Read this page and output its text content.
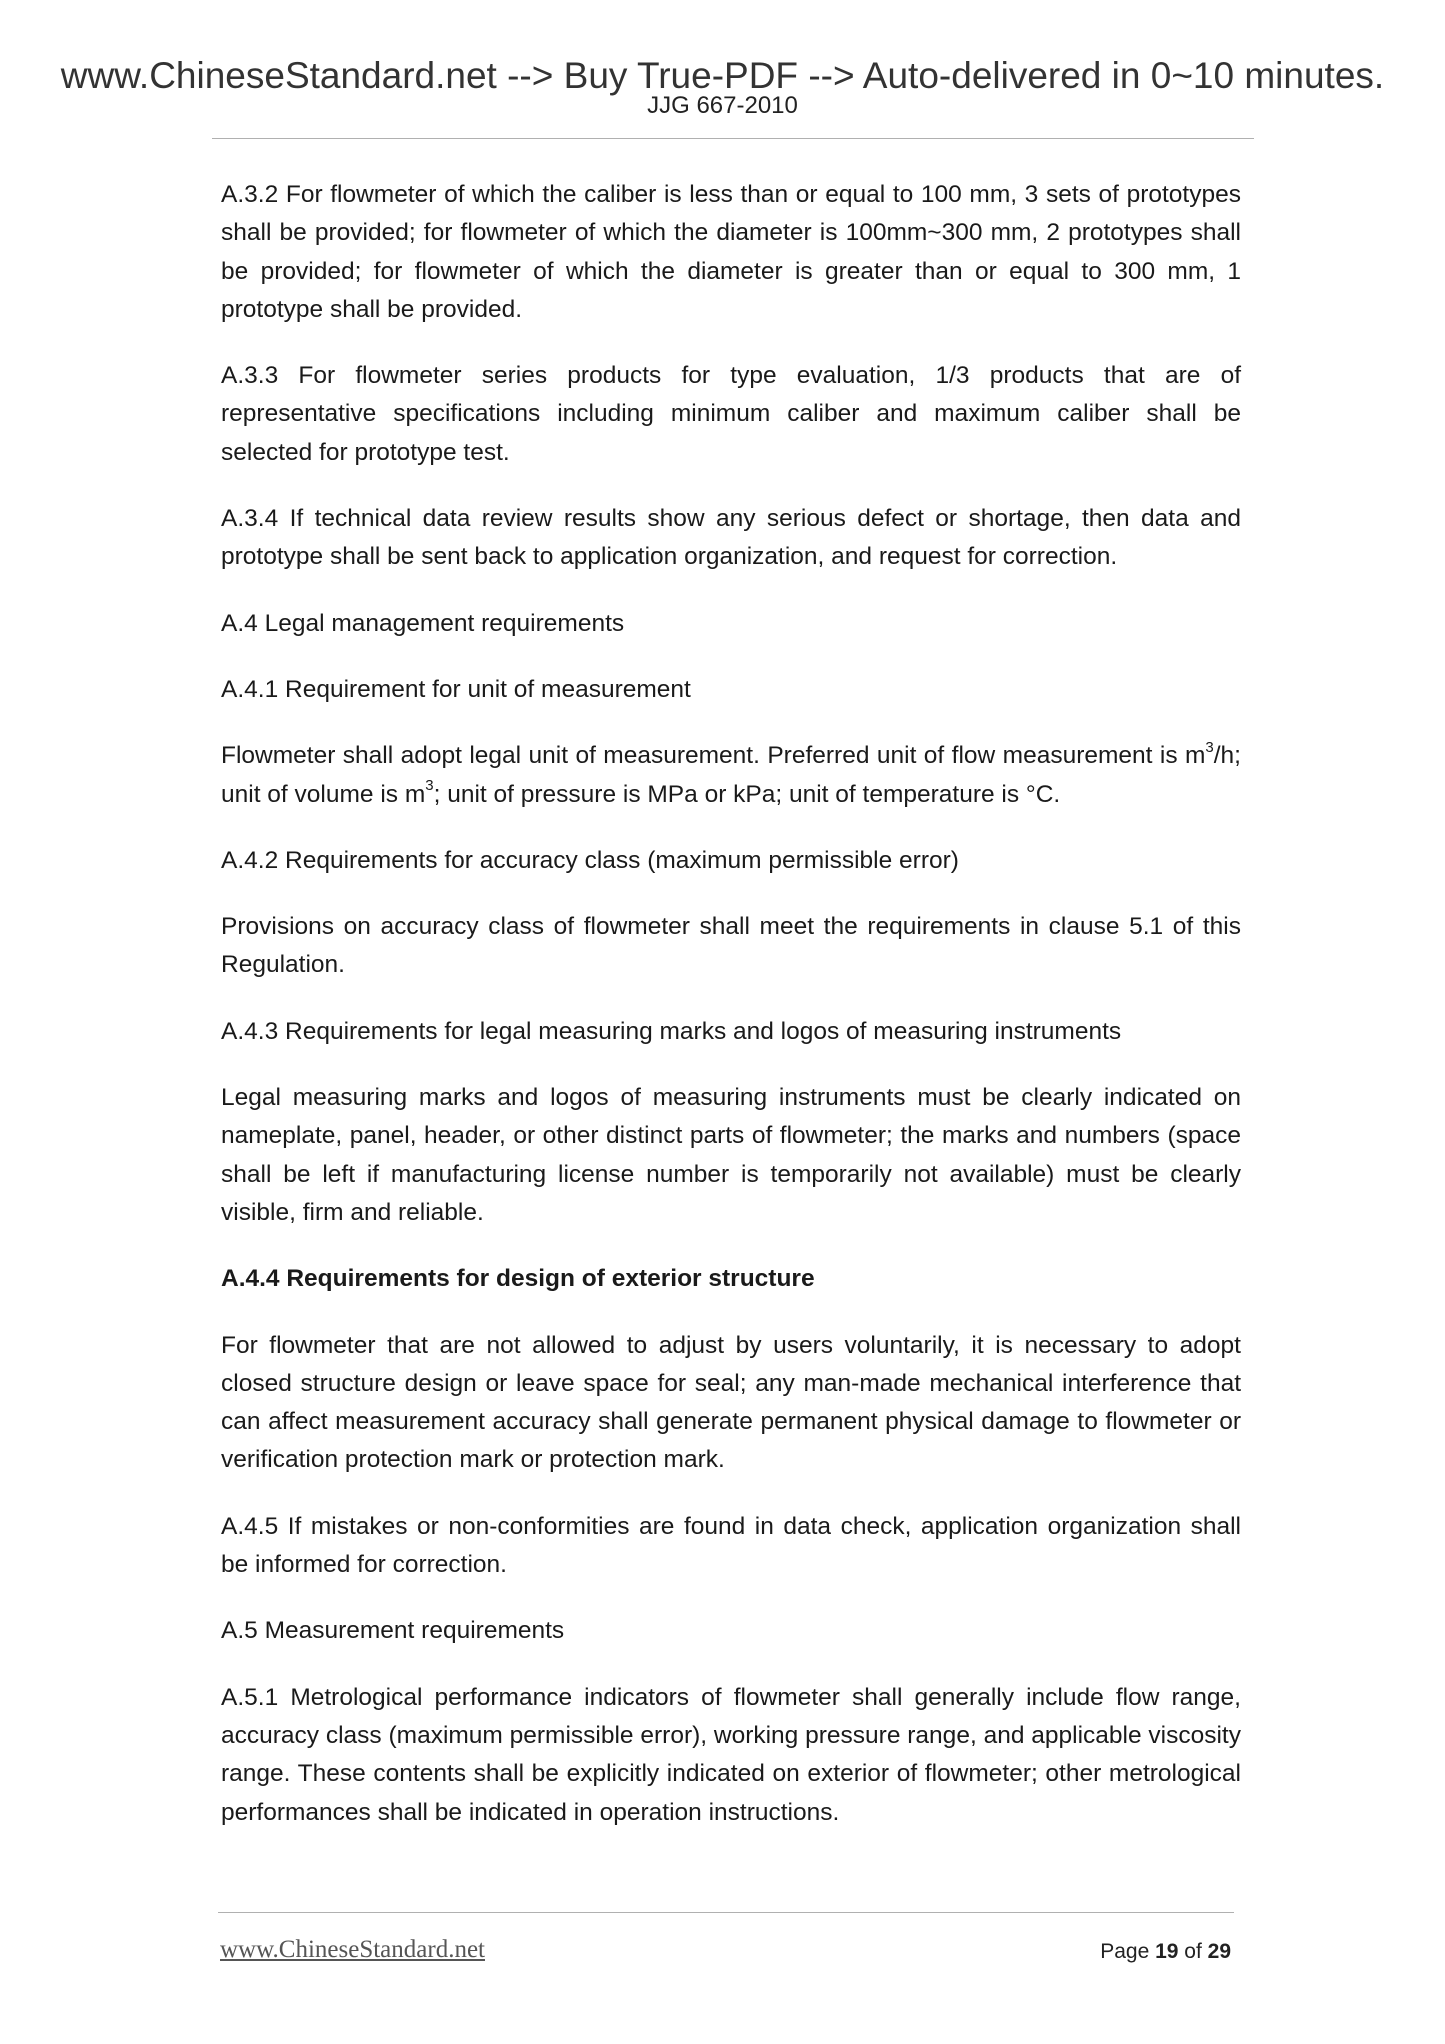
www.ChineseStandard.net --> Buy True-PDF --> Auto-delivered in 0~10 minutes.
JJG 667-2010

A.3.2 For flowmeter of which the caliber is less than or equal to 100 mm, 3 sets of prototypes shall be provided; for flowmeter of which the diameter is 100mm~300 mm, 2 prototypes shall be provided; for flowmeter of which the diameter is greater than or equal to 300 mm, 1 prototype shall be provided.

A.3.3 For flowmeter series products for type evaluation, 1/3 products that are of representative specifications including minimum caliber and maximum caliber shall be selected for prototype test.

A.3.4 If technical data review results show any serious defect or shortage, then data and prototype shall be sent back to application organization, and request for correction.

A.4 Legal management requirements

A.4.1 Requirement for unit of measurement

Flowmeter shall adopt legal unit of measurement. Preferred unit of flow measurement is $m^3/h$; unit of volume is $m^3$; unit of pressure is MPa or kPa; unit of temperature is °C.

A.4.2 Requirements for accuracy class (maximum permissible error)

Provisions on accuracy class of flowmeter shall meet the requirements in clause 5.1 of this Regulation.

A.4.3 Requirements for legal measuring marks and logos of measuring instruments

Legal measuring marks and logos of measuring instruments must be clearly indicated on nameplate, panel, header, or other distinct parts of flowmeter; the marks and numbers (space shall be left if manufacturing license number is temporarily not available) must be clearly visible, firm and reliable.

A.4.4 Requirements for design of exterior structure

For flowmeter that are not allowed to adjust by users voluntarily, it is necessary to adopt closed structure design or leave space for seal; any man-made mechanical interference that can affect measurement accuracy shall generate permanent physical damage to flowmeter or verification protection mark or protection mark.

A.4.5 If mistakes or non-conformities are found in data check, application organization shall be informed for correction.

A.5 Measurement requirements

A.5.1 Metrological performance indicators of flowmeter shall generally include flow range, accuracy class (maximum permissible error), working pressure range, and applicable viscosity range. These contents shall be explicitly indicated on exterior of flowmeter; other metrological performances shall be indicated in operation instructions.

www.ChineseStandard.net	Page 19 of 29
